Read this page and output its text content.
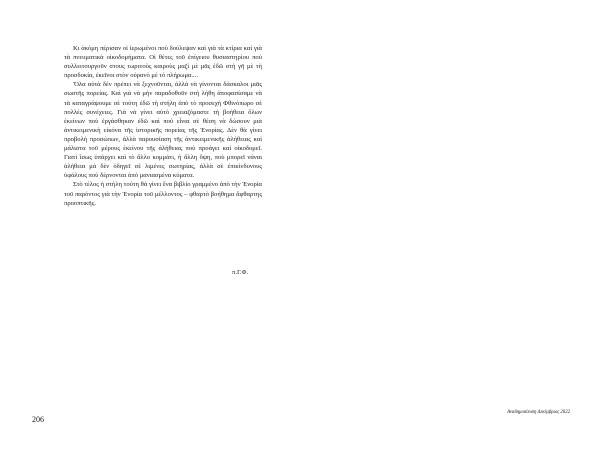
Κι ἀκόμη πέρισαν οἱ ἱερωμένοι ποὺ δούλεψαν καὶ γιὰ τὰ κτίρια καὶ γιὰ τὰ πνευματικὰ οἰκοδομήματα. Οἱ θέτες τοῦ ἐπίγειου θυσιαστηρίου ποὺ συλλειτουργοῦν στους τωρινοὺς καιροὺς μαζὶ μὲ μᾶς ἐδῶ στὴ γῆ μὲ τὴ προσδοκία, ἐκεῖνοι στὸν οὐρανὸ μὲ τὸ πλήρωμα....

Ὅλα αὐτὰ δὲν πρέπει νὰ ξεχνοῦνται, ἀλλὰ νὰ γίνονται δάσκαλοι μιᾶς σωστῆς πορείας. Καὶ γιὰ νὰ μὴν παραδοθοῦν στὴ λήθη ἀποφασίσαμε νὰ τὰ καταγράψουμε σὲ τούτη ἐδῶ τὴ στήλη ἀπὸ τὸ προσεχὴ Φθινόπωρο σὲ πολλὲς συνέχειες. Γιὰ νὰ γίνει αὐτὸ χρειαζόμαστε τὴ βοήθεια ὅλων ἐκείνων ποὺ ἐργάσθηκαν ἐδῶ καὶ ποὺ εἶναι σὲ θέση νὰ δώσουν μιὰ ἀντικειμενικὴ εἰκόνα τῆς ἱστορικῆς πορείας τῆς Ἑνορίας. Δὲν θὰ γίνει προβολὴ προσώπων, ἀλλὰ παρουσίαση τῆς ἀντικειμενικῆς ἀλήθειας καὶ μάλιστα τοῦ μέρους ἐκείνου τῆς ἀλήθειας ποὺ προάγει καὶ οἰκοδομεῖ. Γιατὶ ἴσως ὑπάρχει καὶ τὸ ἄλλο κομμάτι, ἡ ἄλλη ὄψη, ποὺ μπορεῖ νάναι ἀλήθεια μὰ δὲν ὁδηγεῖ σὲ λιμένες σωτηρίας, ἀλλὰ σὲ ἐπικίνδυνους ὑφάλους ποὺ δέρνονται ἀπὸ μανιασμένα κύματα.

Στὸ τέλος ἡ στήλη τούτη θὰ γίνει ἕνα βιβλίο γραμμένο ἀπὸ τὴν Ἑνορία τοῦ παρόντος γιὰ τὴν Ἑνορία τοῦ μέλλοντος – φθαρτὸ βοήθημα ἄφθαρτης προοπτικῆς.

π.Γ.Φ.
206
Αναδημοσίευση Δεκέμβριος 2022
